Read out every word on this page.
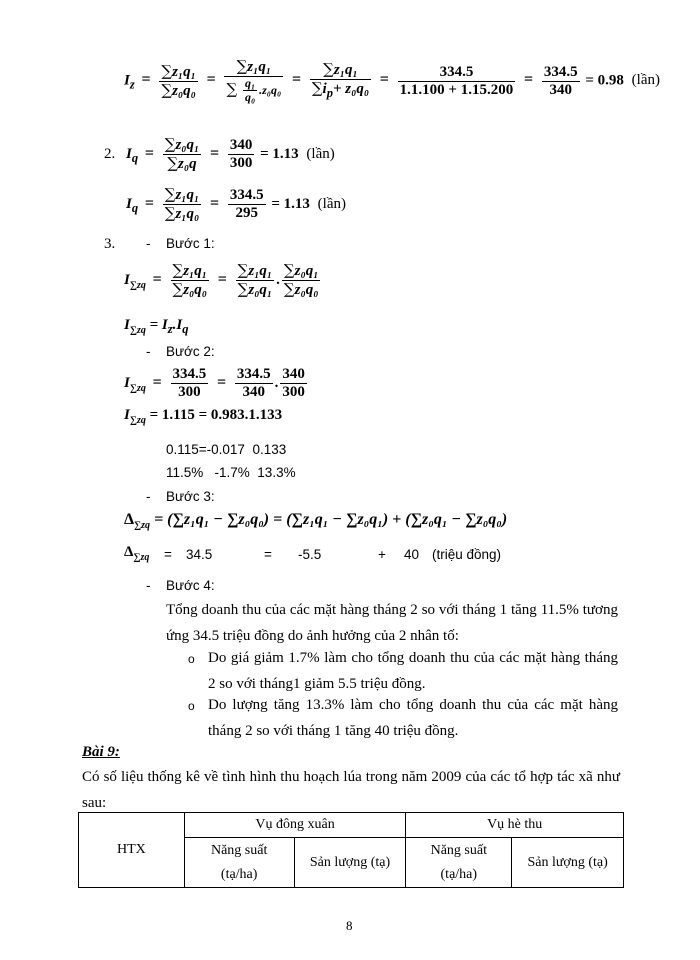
$I_z = \frac{\text{∑z₁q₁}}{\text{∑z₀q₀}} = \frac{\text{∑z₁q₁}}{\sum \frac{\text{q₁}}{\text{q₀}} .z_0q_0} = \frac{\text{∑z₁q₁}}{\sum i_p+ z_0q_0} = \frac{334.5}{1.1.100 + 1.15.200} = \frac{334.5}{340} = 0.98$ (lần)
2. $I_q = \frac{\text{∑z₀q₁}}{\text{∑z₀q}} = \frac{340}{300} = 1.13$ (lần)
$I_q = \frac{\text{∑z₁q₁}}{\text{∑z₁q₀}} = \frac{334.5}{295} = 1.13$ (lần)
3. - Bước 1:
$I_{\sum zq} = \frac{\text{∑z₁q₁}}{\text{∑z₀q₀}} = \frac{\text{∑z₁q₁}}{\text{∑z₀q₁}}$ . $\frac{\text{∑z₀q₁}}{\text{∑z₀q₀}}$
$I_{\sum zq} = I_z.I_q$
- Bước 2:
$I_{\sum zq} = \frac{334.5}{300} = \frac{334.5}{340}$ . $\frac{340}{300}$
$I_{\sum zq} = 1.115 = 0.983.1.133$
0.115=-0.017  0.133
11.5%   -1.7%  13.3%
- Bước 3:
$\Delta_{\sum zq} = (\sum z_1q_1 - \sum z_0q_0) = (\sum z_1q_1 - \sum z_0q_1) + (\sum z_0q_1 - \sum z_0q_0)$
$\Delta_{\sum zq} = 34.5$	= -5.5	+ 40 (triệu đồng)
- Bước 4:
Tổng doanh thu của các mặt hàng tháng 2 so với tháng 1 tăng 11.5% tương ứng 34.5 triệu đồng do ảnh hưởng của 2 nhân tố:
o Do giá giảm 1.7% làm cho tổng doanh thu của các mặt hàng tháng 2 so với tháng1 giảm 5.5 triệu đồng.
o Do lượng tăng 13.3% làm cho tổng doanh thu của các mặt hàng tháng 2 so với tháng 1 tăng 40 triệu đồng.
Bài 9:
Có số liệu thống kê về tình hình thu hoạch lúa trong năm 2009 của các tổ hợp tác xã như sau:
HTX	Vụ đông xuân		Vụ hè thu	
	Năng suất (tạ/ha)	Sản lượng (tạ)	Năng suất (tạ/ha)	Sản lượng (tạ)
8
